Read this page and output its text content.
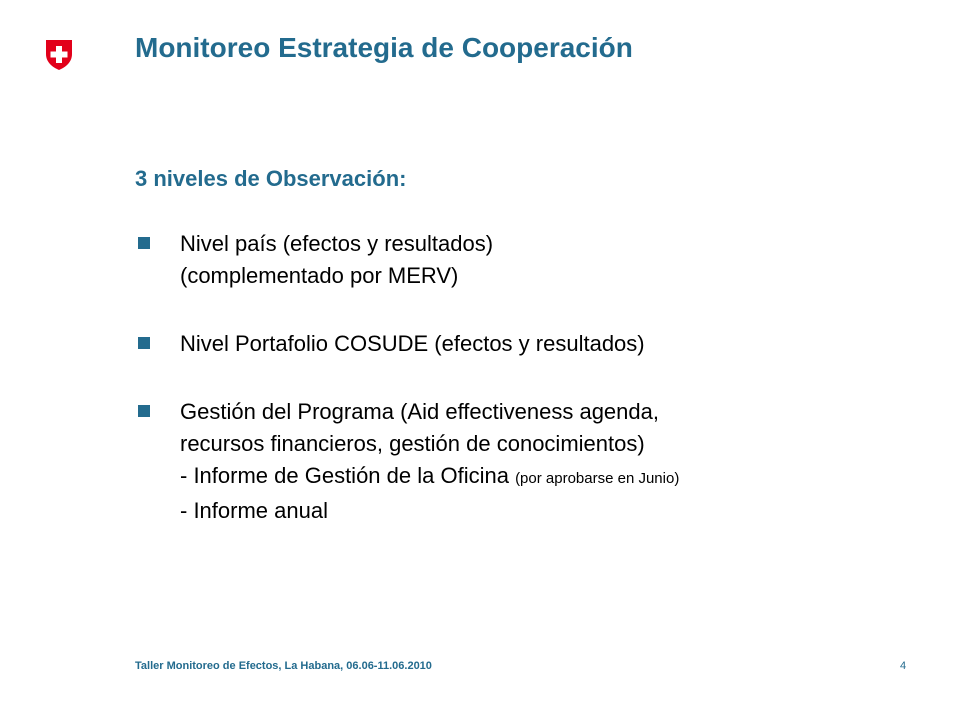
Monitoreo Estrategia de Cooperación
3 niveles de Observación:
Nivel país (efectos y resultados)
(complementado por MERV)
Nivel Portafolio COSUDE (efectos y resultados)
Gestión del Programa (Aid effectiveness agenda,
recursos financieros, gestión de conocimientos)
- Informe de Gestión de la Oficina (por aprobarse en Junio)
- Informe anual
Taller Monitoreo de Efectos, La Habana, 06.06-11.06.2010	4
